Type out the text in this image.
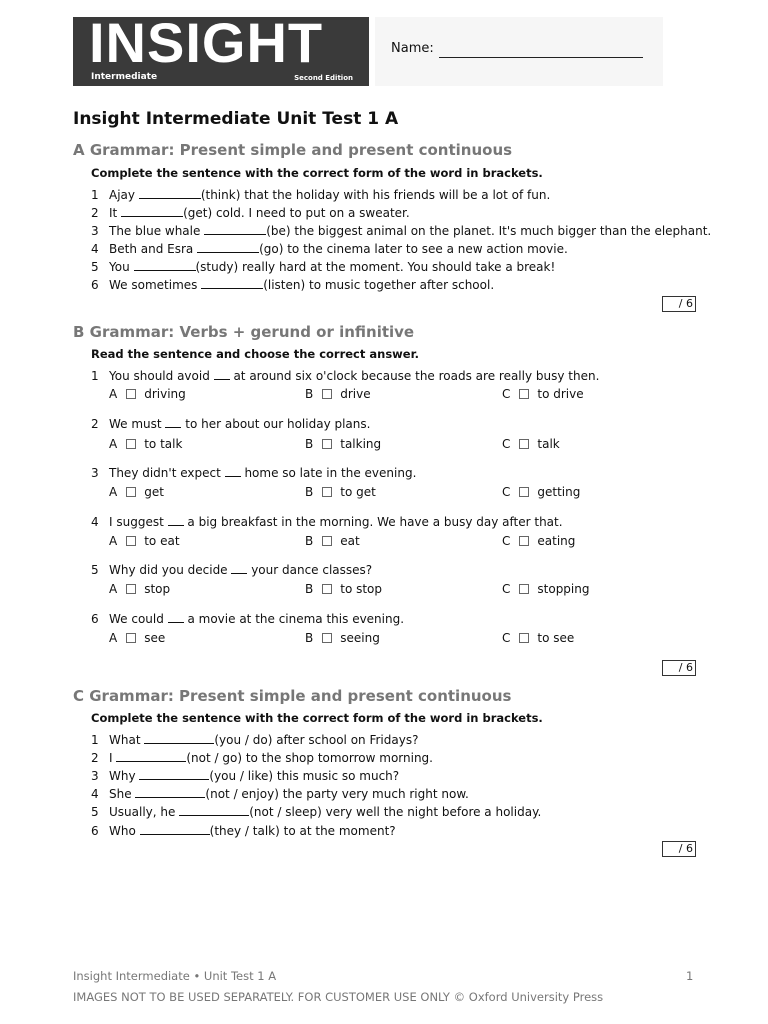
INSIGHT
Intermediate	Second Edition
Name:
Insight Intermediate Unit Test 1 A
A Grammar: Present simple and present continuous
Complete the sentence with the correct form of the word in brackets.
1 Ajay	(think) that the holiday with his friends will be a lot of fun.
2 It	(get) cold. I need to put on a sweater.
3 The blue whale	(be) the biggest animal on the planet. It's much bigger than the elephant.
4 Beth and Esra	(go) to the cinema later to see a new action movie.
5 You	(study) really hard at the moment. You should take a break!
6 We sometimes	(listen) to music together after school.
/ 6
B Grammar: Verbs + gerund or infinitive
Read the sentence and choose the correct answer.
1 You should avoid  at around six o'clock because the roads are really busy then.
A driving	B drive	C to drive
2 We must  to her about our holiday plans.
A to talk	B talking	C talk
3 They didn't expect  home so late in the evening.
A get	B to get	C getting
4 I suggest  a big breakfast in the morning. We have a busy day after that.
A to eat	B eat	C eating
5 Why did you decide  your dance classes?
A stop	B to stop	C stopping
6 We could  a movie at the cinema this evening.
A see	B seeing	C to see
/ 6
C Grammar: Present simple and present continuous
Complete the sentence with the correct form of the word in brackets.
1 What	(you / do) after school on Fridays?
2 I	(not / go) to the shop tomorrow morning.
3 Why	(you / like) this music so much?
4 She	(not / enjoy) the party very much right now.
5 Usually, he	(not / sleep) very well the night before a holiday.
6 Who	(they / talk) to at the moment?
/ 6
Insight Intermediate • Unit Test 1 A	1
IMAGES NOT TO BE USED SEPARATELY. FOR CUSTOMER USE ONLY © Oxford University Press
